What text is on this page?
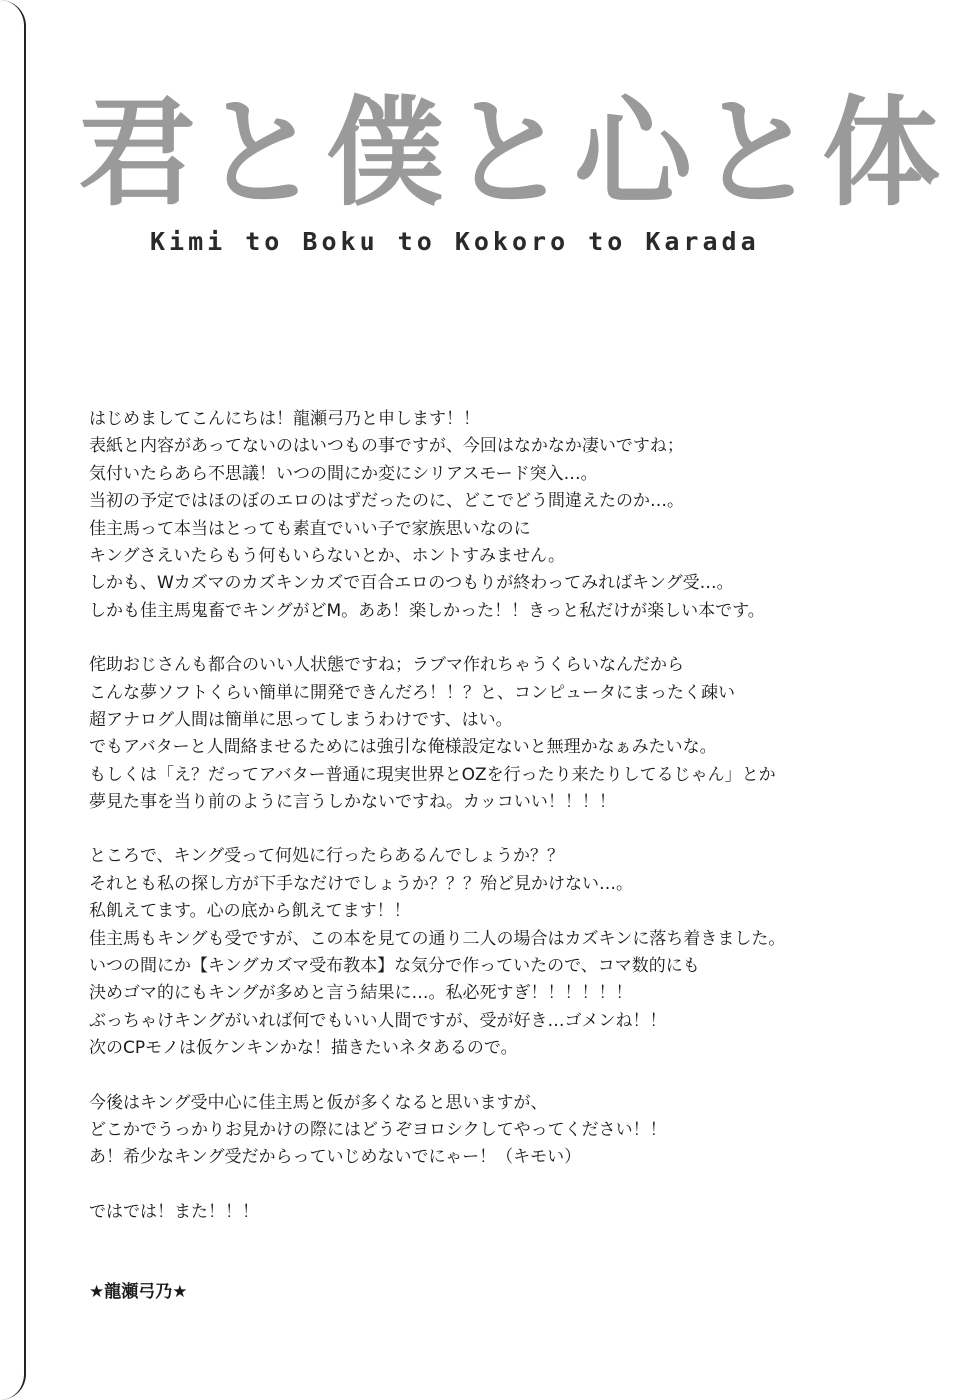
君と僕と心と体
Kimi to Boku to Kokoro to Karada
はじめましてこんにちは！龍瀬弓乃と申します！！
表紙と内容があってないのはいつもの事ですが、今回はなかなか凄いですね；
気付いたらあら不思議！いつの間にか変にシリアスモード突入…。
当初の予定ではほのぼのエロのはずだったのに、どこでどう間違えたのか…。
佳主馬って本当はとっても素直でいい子で家族思いなのに
キングさえいたらもう何もいらないとか、ホントすみません。
しかも、Wカズマのカズキンカズで百合エロのつもりが終わってみればキング受…。
しかも佳主馬鬼畜でキングがどM。ああ！楽しかった！！きっと私だけが楽しい本です。
侘助おじさんも都合のいい人状態ですね；ラブマ作れちゃうくらいなんだから
こんな夢ソフトくらい簡単に開発できんだろ！！？と、コンピュータにまったく疎い
超アナログ人間は簡単に思ってしまうわけです、はい。
でもアバターと人間絡ませるためには強引な俺様設定ないと無理かなぁみたいな。
もしくは「え？だってアバター普通に現実世界とOZを行ったり来たりしてるじゃん」とか
夢見た事を当り前のように言うしかないですね。カッコいい！！！！
ところで、キング受って何処に行ったらあるんでしょうか？？
それとも私の探し方が下手なだけでしょうか？？？殆ど見かけない…。
私飢えてます。心の底から飢えてます！！
佳主馬もキングも受ですが、この本を見ての通り二人の場合はカズキンに落ち着きました。
いつの間にか【キングカズマ受布教本】な気分で作っていたので、コマ数的にも
決めゴマ的にもキングが多めと言う結果に…。私必死すぎ！！！！！！
ぶっちゃけキングがいれば何でもいい人間ですが、受が好き…ゴメンね！！
次のCPモノは仮ケンキンかな！描きたいネタあるので。
今後はキング受中心に佳主馬と仮が多くなると思いますが、
どこかでうっかりお見かけの際にはどうぞヨロシクしてやってください！！
あ！希少なキング受だからっていじめないでにゃー！（キモい）
ではでは！また！！！
★龍瀬弓乃★
